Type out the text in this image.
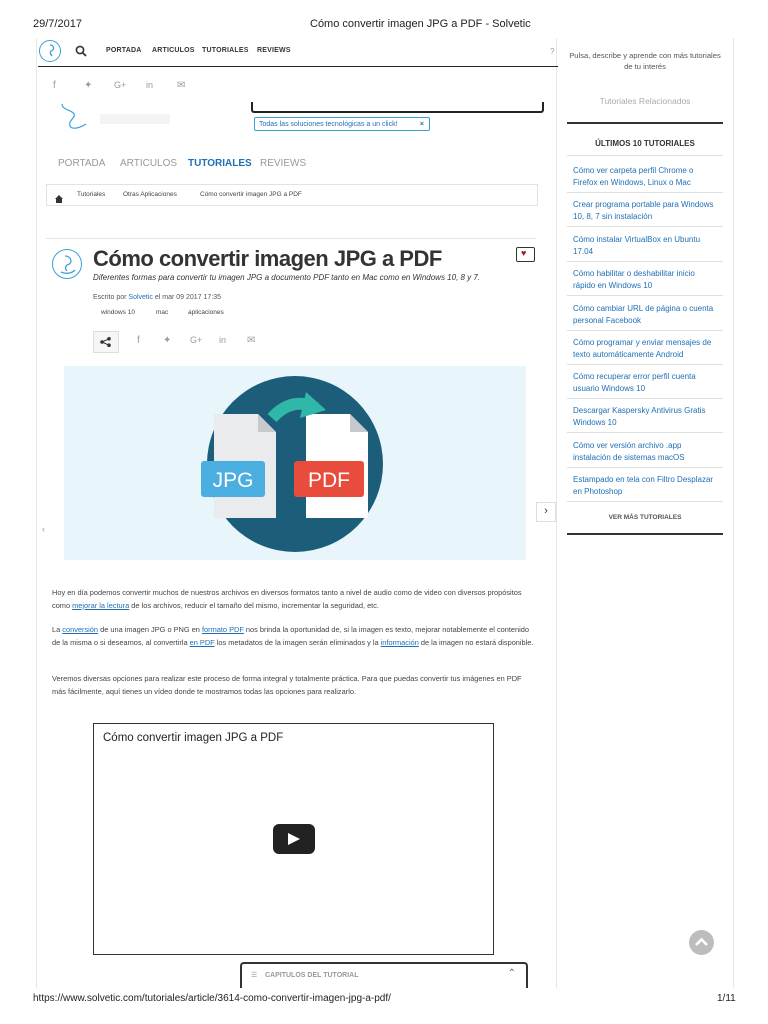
29/7/2017	Cómo convertir imagen JPG a PDF - Solvetic
https://www.solvetic.com/tutoriales/article/3614-como-convertir-imagen-jpg-a-pdf/	1/11
PORTADA ARTICULOS TUTORIALES REVIEWS	?
f	✦ G+ in ✉
Todas las soluciones tecnológicas a un click!	×
PORTADA ARTICULOS TUTORIALES REVIEWS
Tutoriales	Otras Aplicaciones	Cómo convertir imagen JPG a PDF
Cómo convertir imagen JPG a PDF	♥
Diferentes formas para convertir tu imagen JPG a documento PDF tanto en Mac como en Windows 10, 8 y 7.
Escrito por Solvetic el mar 09 2017 17:35
windows 10	mac	aplicaciones
f ✦ G+ in ✉
JPG	PDF
‹
›
Hoy en día podemos convertir muchos de nuestros archivos en diversos formatos tanto a nivel de audio como de video con diversos propósitos como mejorar la lectura de los archivos, reducir el tamaño del mismo, incrementar la seguridad, etc.
La conversión de una imagen JPG o PNG en formato PDF nos brinda la oportunidad de, si la imagen es texto, mejorar notablemente el contenido de la misma o si deseamos, al convertirla en PDF los metadatos de la imagen serán eliminados y la información de la imagen no estará disponible.
Veremos diversas opciones para realizar este proceso de forma integral y totalmente práctica. Para que puedas convertir tus imágenes en PDF más fácilmente, aquí tienes un vídeo donde te mostramos todas las opciones para realizarlo.
Cómo convertir imagen JPG a PDF
☰ CAPITULOS DEL TUTORIAL	⌃
Pulsa, describe y aprende con más tutoriales de tu interés
Tutoriales Relacionados
ÚLTIMOS 10 TUTORIALES
Cómo ver carpeta perfil Chrome o Firefox en Windows, Linux o Mac
Crear programa portable para Windows 10, 8, 7 sin instalación
Cómo instalar VirtualBox en Ubuntu 17.04
Cómo habilitar o deshabilitar inicio rápido en Windows 10
Cómo cambiar URL de página o cuenta personal Facebook
Cómo programar y enviar mensajes de texto automáticamente Android
Cómo recuperar error perfil cuenta usuario Windows 10
Descargar Kaspersky Antivirus Gratis Windows 10
Cómo ver versión archivo .app instalación de sistemas macOS
Estampado en tela con Filtro Desplazar en Photoshop
VER MÁS TUTORIALES
